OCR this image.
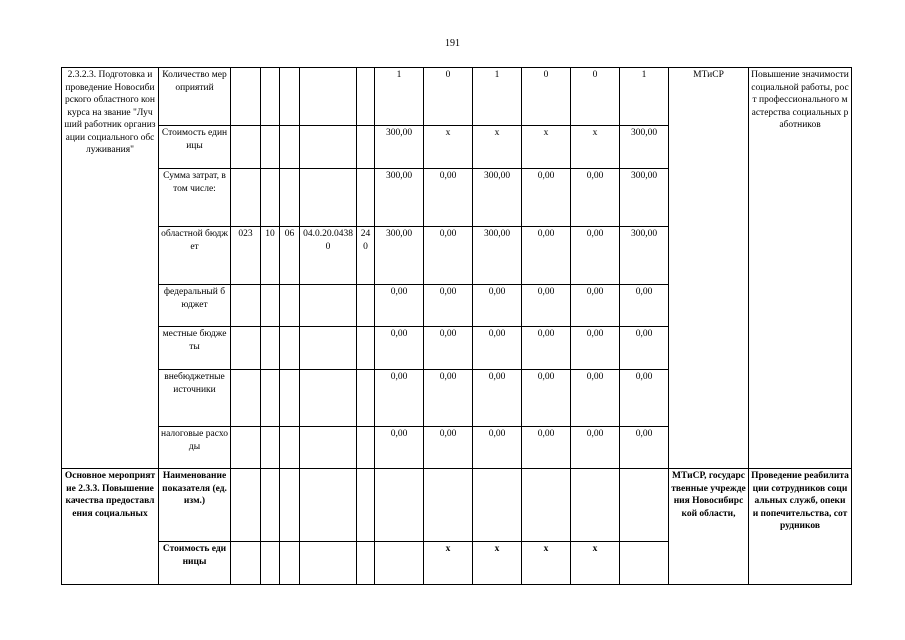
191
2.3.2.3. Подготовка и проведение Новосибирского областного конкурса на звание "Лучший работник организации социального обслуживания"	Количество мероприятий						1	0	1	0	0	1	МТиСР	Повышение значимости социальной работы, рост профессионального мастерства социальных работников
	Стоимость единицы						300,00	x	x	x	x	300,00		
	Сумма затрат, в том числе:						300,00	0,00	300,00	0,00	0,00	300,00		
	областной бюджет	023	10	06	04.0.20.04380	240	300,00	0,00	300,00	0,00	0,00	300,00		
	федеральный бюджет						0,00	0,00	0,00	0,00	0,00	0,00		
	местные бюджеты						0,00	0,00	0,00	0,00	0,00	0,00		
	внебюджетные источники						0,00	0,00	0,00	0,00	0,00	0,00		
	налоговые расходы						0,00	0,00	0,00	0,00	0,00	0,00		
Основное мероприятие 2.3.3. Повышение качества предоставления социальных	Наименование показателя (ед. изм.)												МТиСР, государственные учреждения Новосибирской области,	Проведение реабилитации сотрудников социальных служб, опеки и попечительства, сотрудников
	Стоимость единицы							x	x	x	x			
